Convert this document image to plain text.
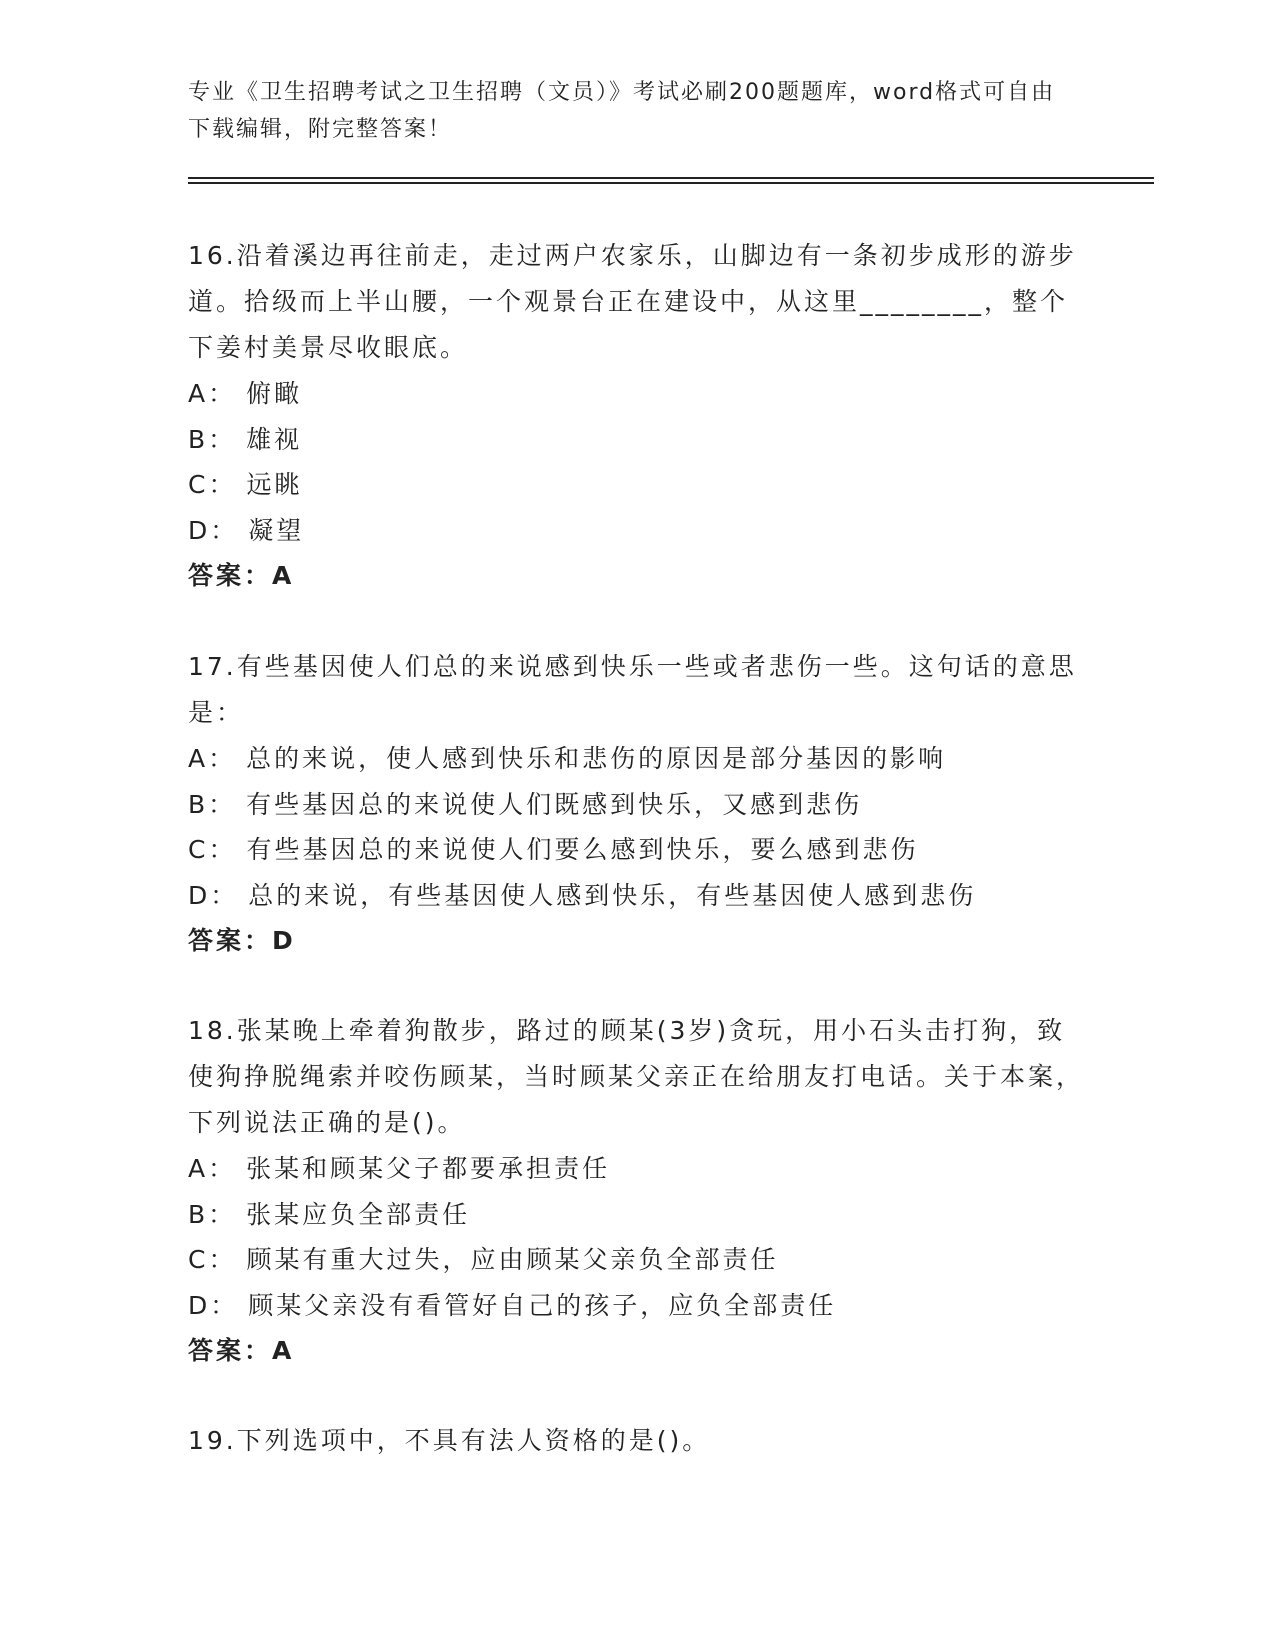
专业《卫生招聘考试之卫生招聘（文员）》考试必刷200题题库，word格式可自由下载编辑，附完整答案！
16.沿着溪边再往前走，走过两户农家乐，山脚边有一条初步成形的游步道。拾级而上半山腰，一个观景台正在建设中，从这里________，整个下姜村美景尽收眼底。
A： 俯瞰
B： 雄视
C： 远眺
D： 凝望
答案：A
17.有些基因使人们总的来说感到快乐一些或者悲伤一些。这句话的意思是：
A： 总的来说，使人感到快乐和悲伤的原因是部分基因的影响
B： 有些基因总的来说使人们既感到快乐，又感到悲伤
C： 有些基因总的来说使人们要么感到快乐，要么感到悲伤
D： 总的来说，有些基因使人感到快乐，有些基因使人感到悲伤
答案：D
18.张某晚上牵着狗散步，路过的顾某(3岁)贪玩，用小石头击打狗，致使狗挣脱绳索并咬伤顾某，当时顾某父亲正在给朋友打电话。关于本案，下列说法正确的是()。
A： 张某和顾某父子都要承担责任
B： 张某应负全部责任
C： 顾某有重大过失，应由顾某父亲负全部责任
D： 顾某父亲没有看管好自己的孩子，应负全部责任
答案：A
19.下列选项中，不具有法人资格的是()。
